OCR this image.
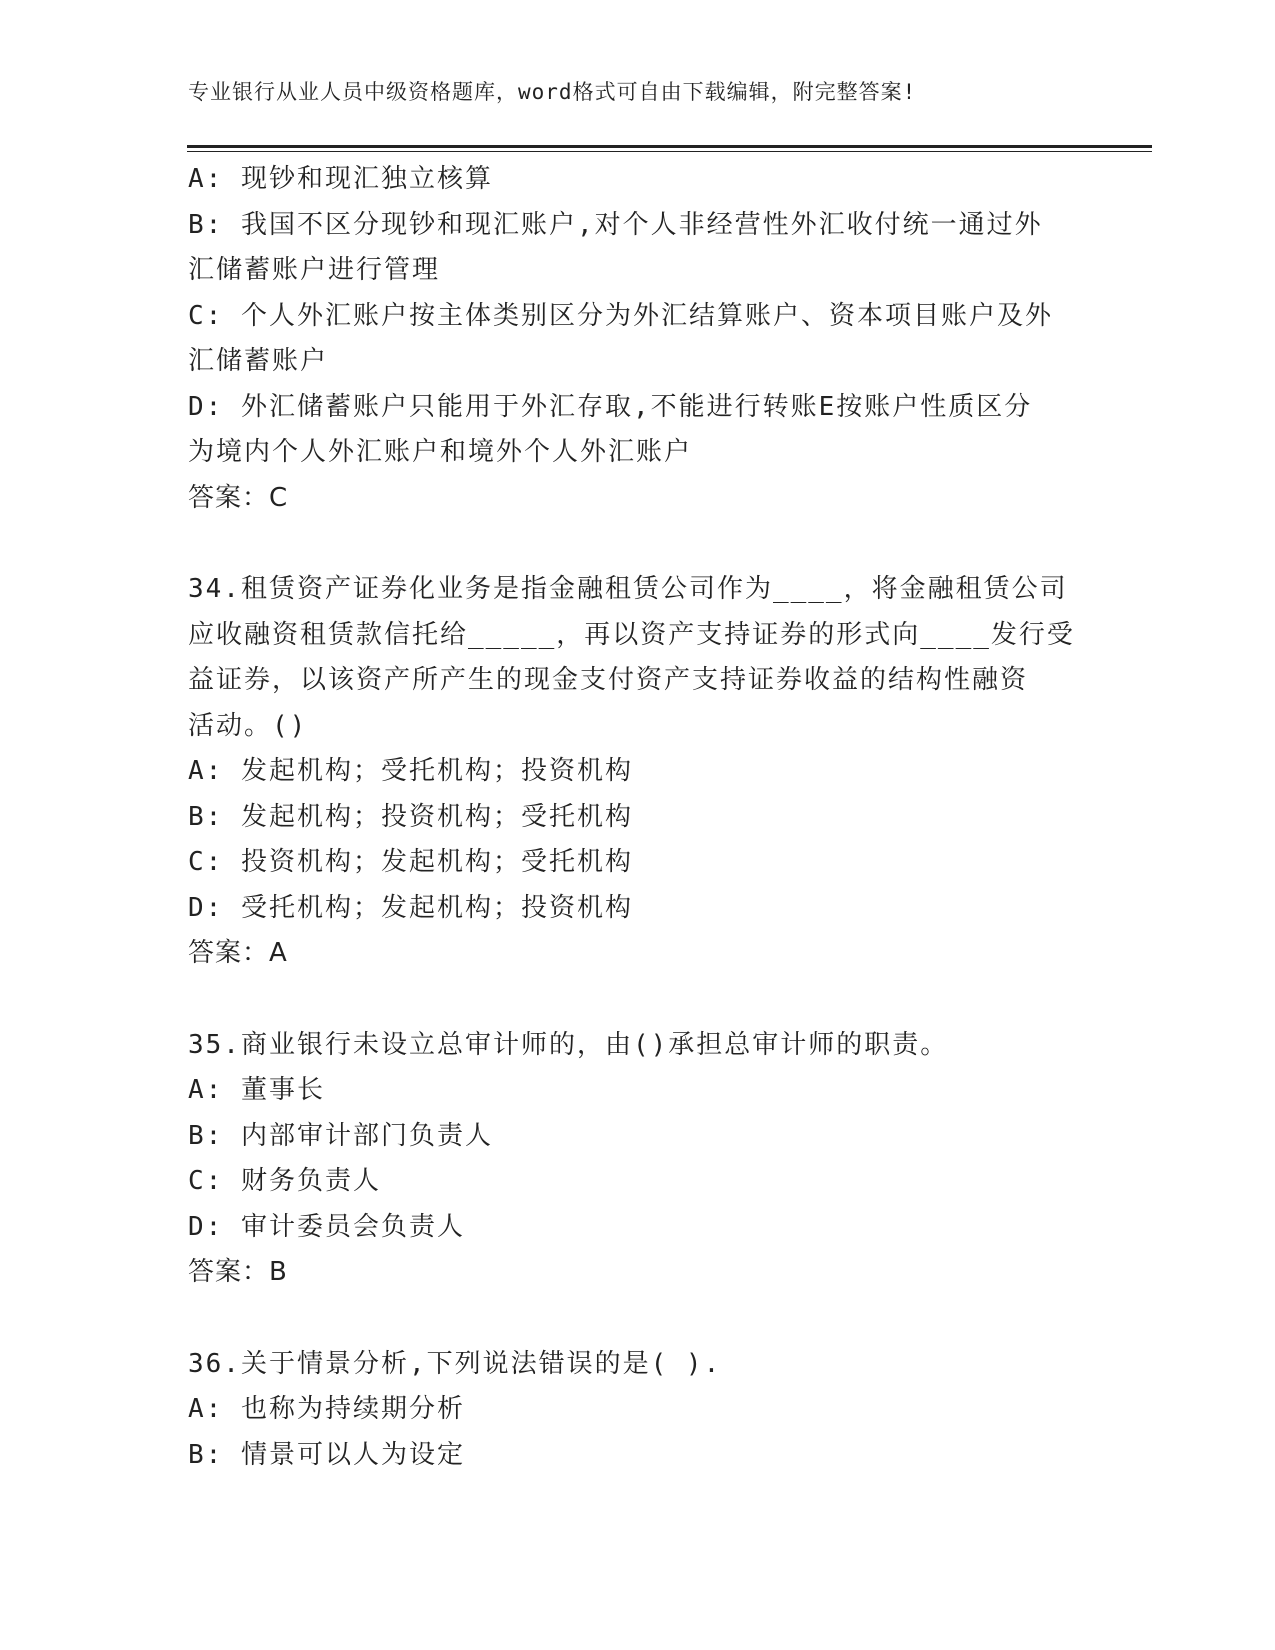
专业银行从业人员中级资格题库，word格式可自由下载编辑，附完整答案!
A: 现钞和现汇独立核算
B: 我国不区分现钞和现汇账户,对个人非经营性外汇收付统一通过外
汇储蓄账户进行管理
C: 个人外汇账户按主体类别区分为外汇结算账户、资本项目账户及外
汇储蓄账户
D: 外汇储蓄账户只能用于外汇存取,不能进行转账E按账户性质区分
为境内个人外汇账户和境外个人外汇账户
答案：C
34.租赁资产证券化业务是指金融租赁公司作为____，将金融租赁公司
应收融资租赁款信托给_____，再以资产支持证券的形式向____发行受
益证券，以该资产所产生的现金支付资产支持证券收益的结构性融资
活动。()
A: 发起机构；受托机构；投资机构
B: 发起机构；投资机构；受托机构
C: 投资机构；发起机构；受托机构
D: 受托机构；发起机构；投资机构
答案：A
35.商业银行未设立总审计师的，由()承担总审计师的职责。
A: 董事长
B: 内部审计部门负责人
C: 财务负责人
D: 审计委员会负责人
答案：B
36.关于情景分析,下列说法错误的是( ).
A: 也称为持续期分析
B: 情景可以人为设定
